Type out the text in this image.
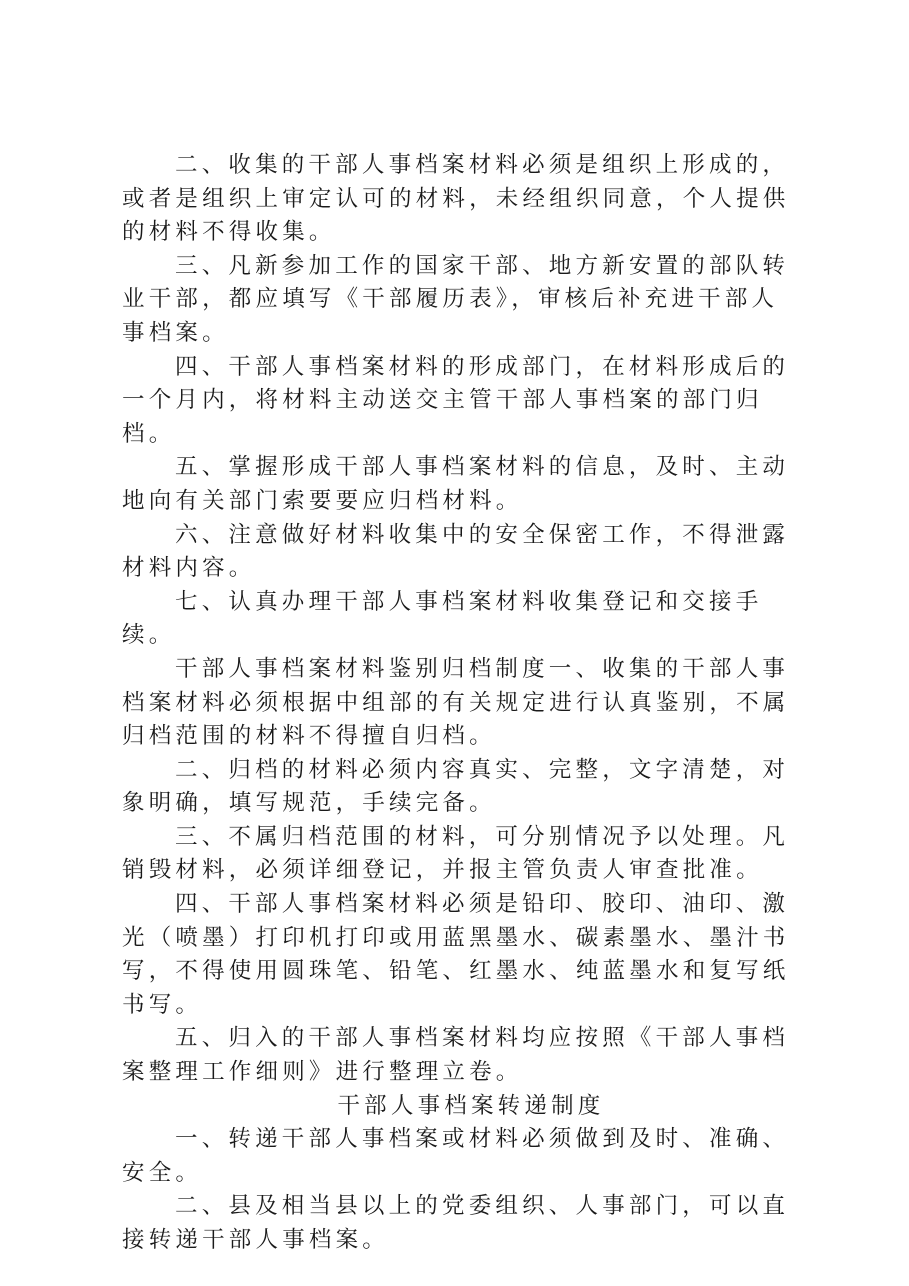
二、收集的干部人事档案材料必须是组织上形成的，或者是组织上审定认可的材料，未经组织同意，个人提供的材料不得收集。

三、凡新参加工作的国家干部、地方新安置的部队转业干部，都应填写《干部履历表》，审核后补充进干部人事档案。

四、干部人事档案材料的形成部门，在材料形成后的一个月内，将材料主动送交主管干部人事档案的部门归档。

五、掌握形成干部人事档案材料的信息，及时、主动地向有关部门索要要应归档材料。

六、注意做好材料收集中的安全保密工作，不得泄露材料内容。

七、认真办理干部人事档案材料收集登记和交接手续。

干部人事档案材料鉴别归档制度一、收集的干部人事档案材料必须根据中组部的有关规定进行认真鉴别，不属归档范围的材料不得擅自归档。

二、归档的材料必须内容真实、完整，文字清楚，对象明确，填写规范，手续完备。

三、不属归档范围的材料，可分别情况予以处理。凡销毁材料，必须详细登记，并报主管负责人审查批准。

四、干部人事档案材料必须是铅印、胶印、油印、激光（喷墨）打印机打印或用蓝黑墨水、碳素墨水、墨汁书写，不得使用圆珠笔、铅笔、红墨水、纯蓝墨水和复写纸书写。

五、归入的干部人事档案材料均应按照《干部人事档案整理工作细则》进行整理立卷。

干部人事档案转递制度

一、转递干部人事档案或材料必须做到及时、准确、安全。

二、县及相当县以上的党委组织、人事部门，可以直接转递干部人事档案。
